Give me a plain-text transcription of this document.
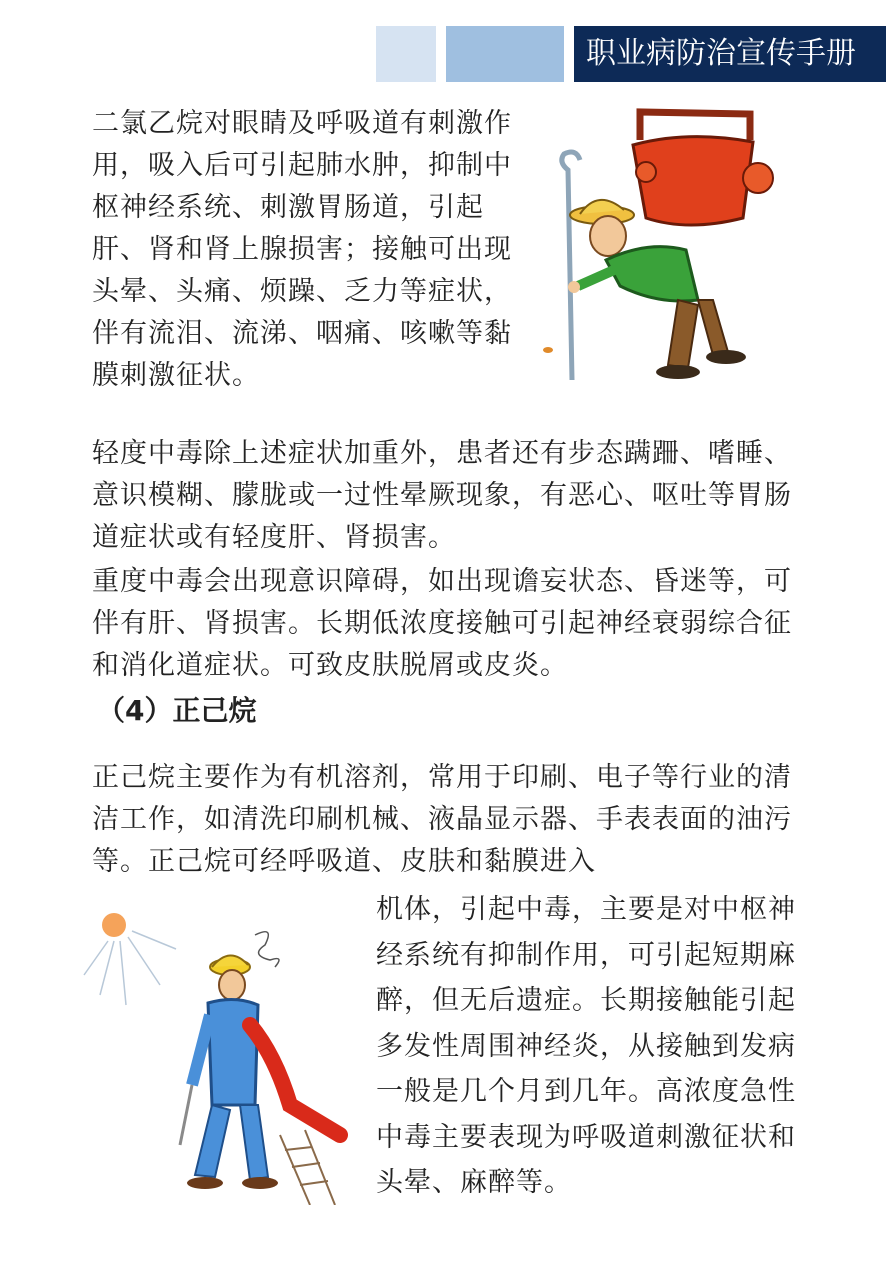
职业病防治宣传手册
二氯乙烷对眼睛及呼吸道有刺激作用，吸入后可引起肺水肿，抑制中枢神经系统、刺激胃肠道，引起肝、肾和肾上腺损害；接触可出现头晕、头痛、烦躁、乏力等症状，伴有流泪、流涕、咽痛、咳嗽等黏膜刺激征状。
轻度中毒除上述症状加重外，患者还有步态蹒跚、嗜睡、意识模糊、朦胧或一过性晕厥现象，有恶心、呕吐等胃肠道症状或有轻度肝、肾损害。
重度中毒会出现意识障碍，如出现谵妄状态、昏迷等，可伴有肝、肾损害。长期低浓度接触可引起神经衰弱综合征和消化道症状。可致皮肤脱屑或皮炎。
（4）正己烷
正己烷主要作为有机溶剂，常用于印刷、电子等行业的清洁工作，如清洗印刷机械、液晶显示器、手表表面的油污等。正己烷可经呼吸道、皮肤和黏膜进入
机体，引起中毒，主要是对中枢神经系统有抑制作用，可引起短期麻醉，但无后遗症。长期接触能引起多发性周围神经炎，从接触到发病一般是几个月到几年。高浓度急性中毒主要表现为呼吸道刺激征状和头晕、麻醉等。
